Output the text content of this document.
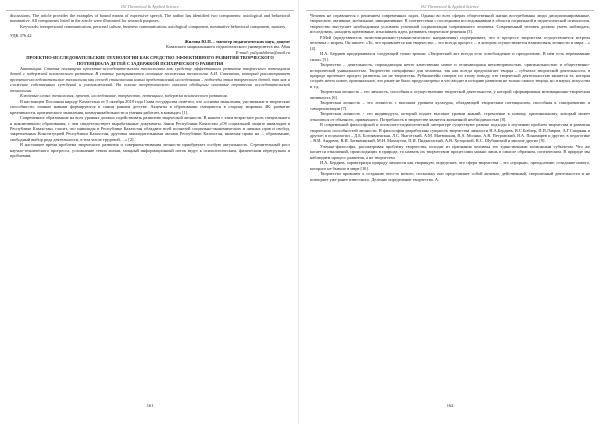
ISJ Theoretical & Applied Science

discussions. The article provides the examples of bound means of expressive speech. The author has identified two components: axiological and behavioral nominative. All components listed in the article were illustrated for research purposes.

Keywords: interpersonal communication, personal culture, business communication, axiological component, nominative behavioral component, mastery.

УДК 376.42

Жилова Ю.П. – магистр педагогических наук, доцент

Казахского национального педагогического университета им. Абая

E-mail: yuliyazhilova@mail.ru

ПРОЕКТНО-ИССЛЕДОВАТЕЛЬСКИЕ ТЕХНОЛОГИИ КАК СРЕДСТВО ЭФФЕКТИВНОГО РАЗВИТИЯ ТВОРЧЕСКОГО ПОТЕНЦИАЛА ДЕТЕЙ С ЗАДЕРЖКОЙ ПСИХИЧЕСКОГО РАЗВИТИЯ

Аннотация. Статья посвящена проектно-исследовательским технологиям как средству эффективного развития творческого потенциала детей с задержкой психического развития. В статье раскрываются основные положения технологии А.И. Савенкова, который рассматривает проектно-исследовательские технологии как способ становления новых представлений исследования – подъезды этим творческого детей, так как и сложение собственных суждений и умозаключений. На основе теоретического анализа обобщены основные стратегии исследовательской технологии.

Ключевые слова: технология, проект, исследование, творчество, потенциал, задержка психического развития.

В настоящем Послании народу Казахстана от 5 октября 2018 года Глава государства отметил, что «основы мышления, умственные и творческие способности, личные навыки формируются в самом раннем детстве. Акценты в образовании смещаются в сторону мировых 4К: развитие креативности, критического мышления, коммуникабельности и умения работать в команде» [1].

Современное образование на всех уровнях должно содействовать развитию творческой личности. В нашем с этим возрастает роль специального и инклюзивного образования, с чем свидетельствует выработанные документы. Закон Республики Казахстан «Об социальной защите инвалидов в Республике Казахстан» гласит, что инвалиды в Республике Казахстан обладают всей полнотой социально-экономических и личных прав и свобод, закрепленных Конституцией Республики Казахстан, другими законодательными актами Республики Казахстан, включая право на ... образование, свободный выбор рода деятельности, в том числе трудовой, ...» [2].

В настоящее время проблема творческого развития и совершенствования личности приобретает особую актуальность. Стремительный рост научно-технического прогресса, усложнение темпа жизни, мощный информационный поток ведут к психологическим, физическим перегрузкам и проблемам,

161
ISJ Theoretical & Applied Science

Человек не справляется с решением современных задач. Однако во всех сферах общественной жизни востребованы люди дисциплинированные, творческие, активные, мобильные, инициативные. В соответствии с последними исследованиями в области социальной и педагогической психологии, творчество выступает необходимым условием успешной социализации современного человека. Современный человек должен уметь наблюдать, исследовать, находить креативные, изыскивать идеи, развивать творческие решения [3].

Р.Мей (представитель экзистенциально-гуманистического направления) подчеркивает, что в процессе творчества осуществляется встреча человека с миром. Он пишет: «То, что проявляется как творчество – это всегда процесс ... в котором осуществляется взаимосвязь личности и мира ...» [4].

И.А. Бердяев придерживался следующей точки зрения: «Творческий акт всегда есть освобождение и преодоление. В нём есть переживание силы» [5].

Творчество – деятельность, порождающая нечто качественно новое и отличающаяся неповторимостью, оригинальностью и общественно-исторической уникальностью. Творчество специфично для человека, так как всегда предполагает творца – субъекта творческой деятельности, в природе протекает процесс развития, но не творчества. Рубинштейн говорит по этому поводу, что творческой деятельностью является та, которая создаёт нечто новое, оригинальное, что ранее не было предусмотрено и что входит в историю развития не только самого творца, но и науки, искусства и т.д.

Творческая личность – это личность, способная к осуществлению творческой деятельности, у которой сформированы мотивационно-творческая активность [6].

Творческая личность – это личность с высоким уровнем культуры, обладающей творческим потенциалом, способная к саморазвитию и самореализации [7].

Творческая личность - это индивидуум, который подает высокие уровни знаний, стремление к новому, оригинальному, который может отказаться от обычного, привычного. Потребность в творчестве является жизненной необходимостью [8].

В современной философской и психолого-педагогической литературе существуют разные подходы к изучению проблем творчества и развития творческих способностей личности. В философии разработаны сущность творчества личности Н.А.Бердяев, В.С.Библер, П.П.Лавров, А.Г.Спиркин и другие; в психологии – Д.Б. Богоявленская, Л.С. Выготский, А.М. Матюшкин, В.А. Моляко, А.В. Петровский, Я.А. Пономарев и другие; в педагогике – В.И. Андреев, В.И. Загвязинский, М.Н. Махмутов, П.И. Пидкасистый, А.В. Хуторской, В.С. Шубинский и многие другие [9].

Ученые-философы, рассматривая проблему творчества, исходят из признания человека его единственным возможным субъектом. Что же касается отношений, происходящих в природе, то назвать их творчеством процессами можно лишь в смысле образном, поэтическом. В природе мы наблюдаем процесс развития, а не творчество.

И.А. Бердяев, характеризуя природу личности как творящую, определяет, что сфера творчества – это «прорыв», преодоление, созидание нового, которого не бывало в мире [10].

Творчество признают к созданию чего-то нового, поскольку оно представляет собой активно, действенный, сверхличный деятельности и не повторяет уже ранее известного. Деление определение творчества. А.

162
